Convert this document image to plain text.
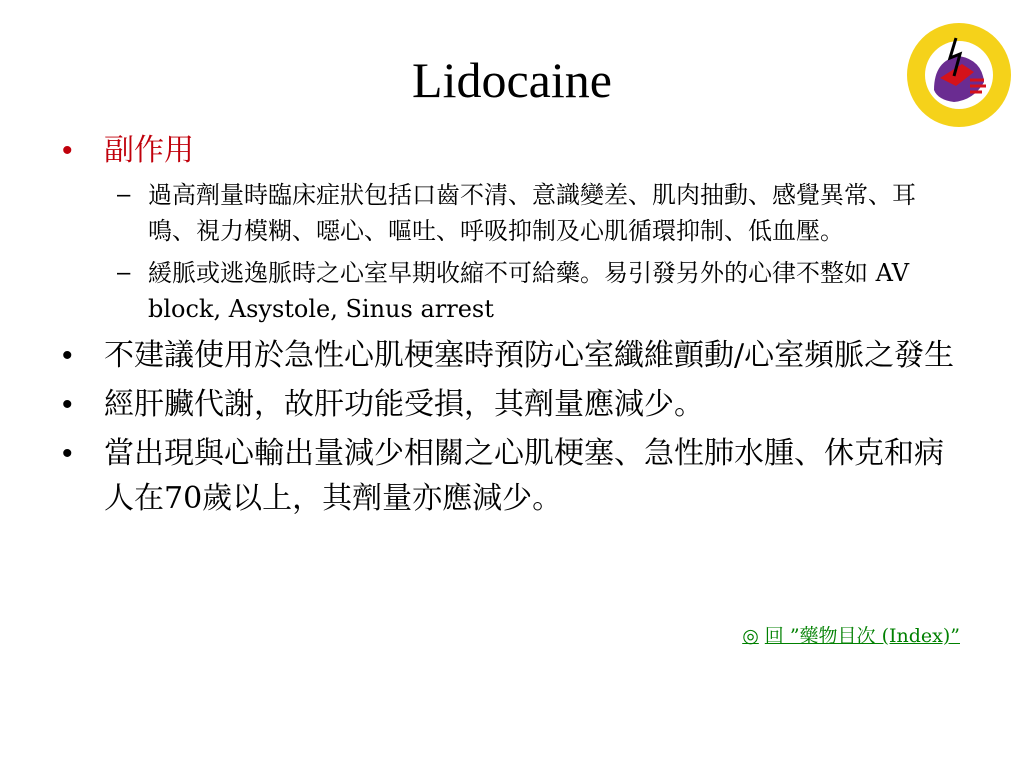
Lidocaine
• 副作用
– 過高劑量時臨床症狀包括口齒不清、意識變差、肌肉抽動、感覺異常、耳鳴、視力模糊、噁心、嘔吐、呼吸抑制及心肌循環抑制、低血壓。
– 緩脈或逃逸脈時之心室早期收縮不可給藥。易引發另外的心律不整如 AV block, Asystole, Sinus arrest
• 不建議使用於急性心肌梗塞時預防心室纖維顫動/心室頻脈之發生
• 經肝臟代謝，故肝功能受損，其劑量應減少。
• 當出現與心輸出量減少相關之心肌梗塞、急性肺水腫、休克和病人在70歲以上，其劑量亦應減少。
◎ 回 ”藥物目次 (Index)”
